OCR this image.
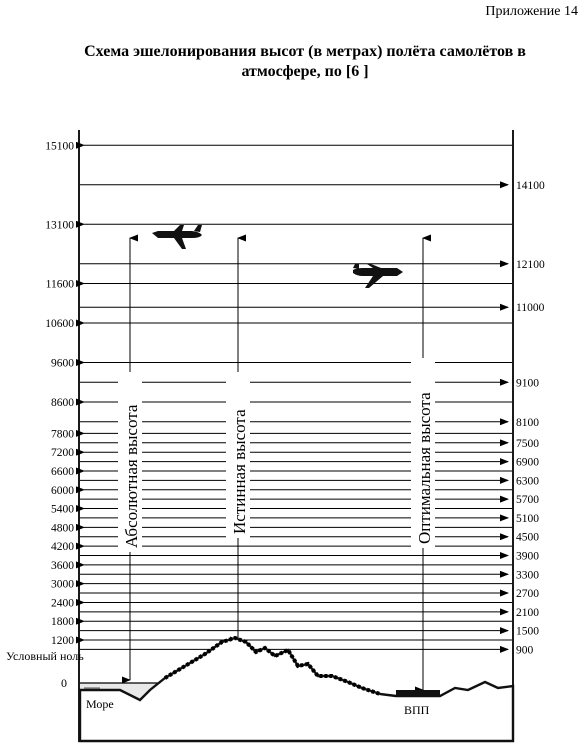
Приложение 14
Схема эшелонирования высот (в метрах) полёта самолётов в
атмосфере, по [6 ]
15100
13100
11600
10600
9600
8600
7800
7200
6600
6000
5400
4800
4200
3600
3000
2400
1800
1200
14100
12100
11000
9100
8100
7500
6900
6300
5700
5100
4500
3900
3300
2700
2100
1500
900
Абсолютная высота	Истинная высота	Оптимальная высота
Условный ноль
0
Море	ВПП
